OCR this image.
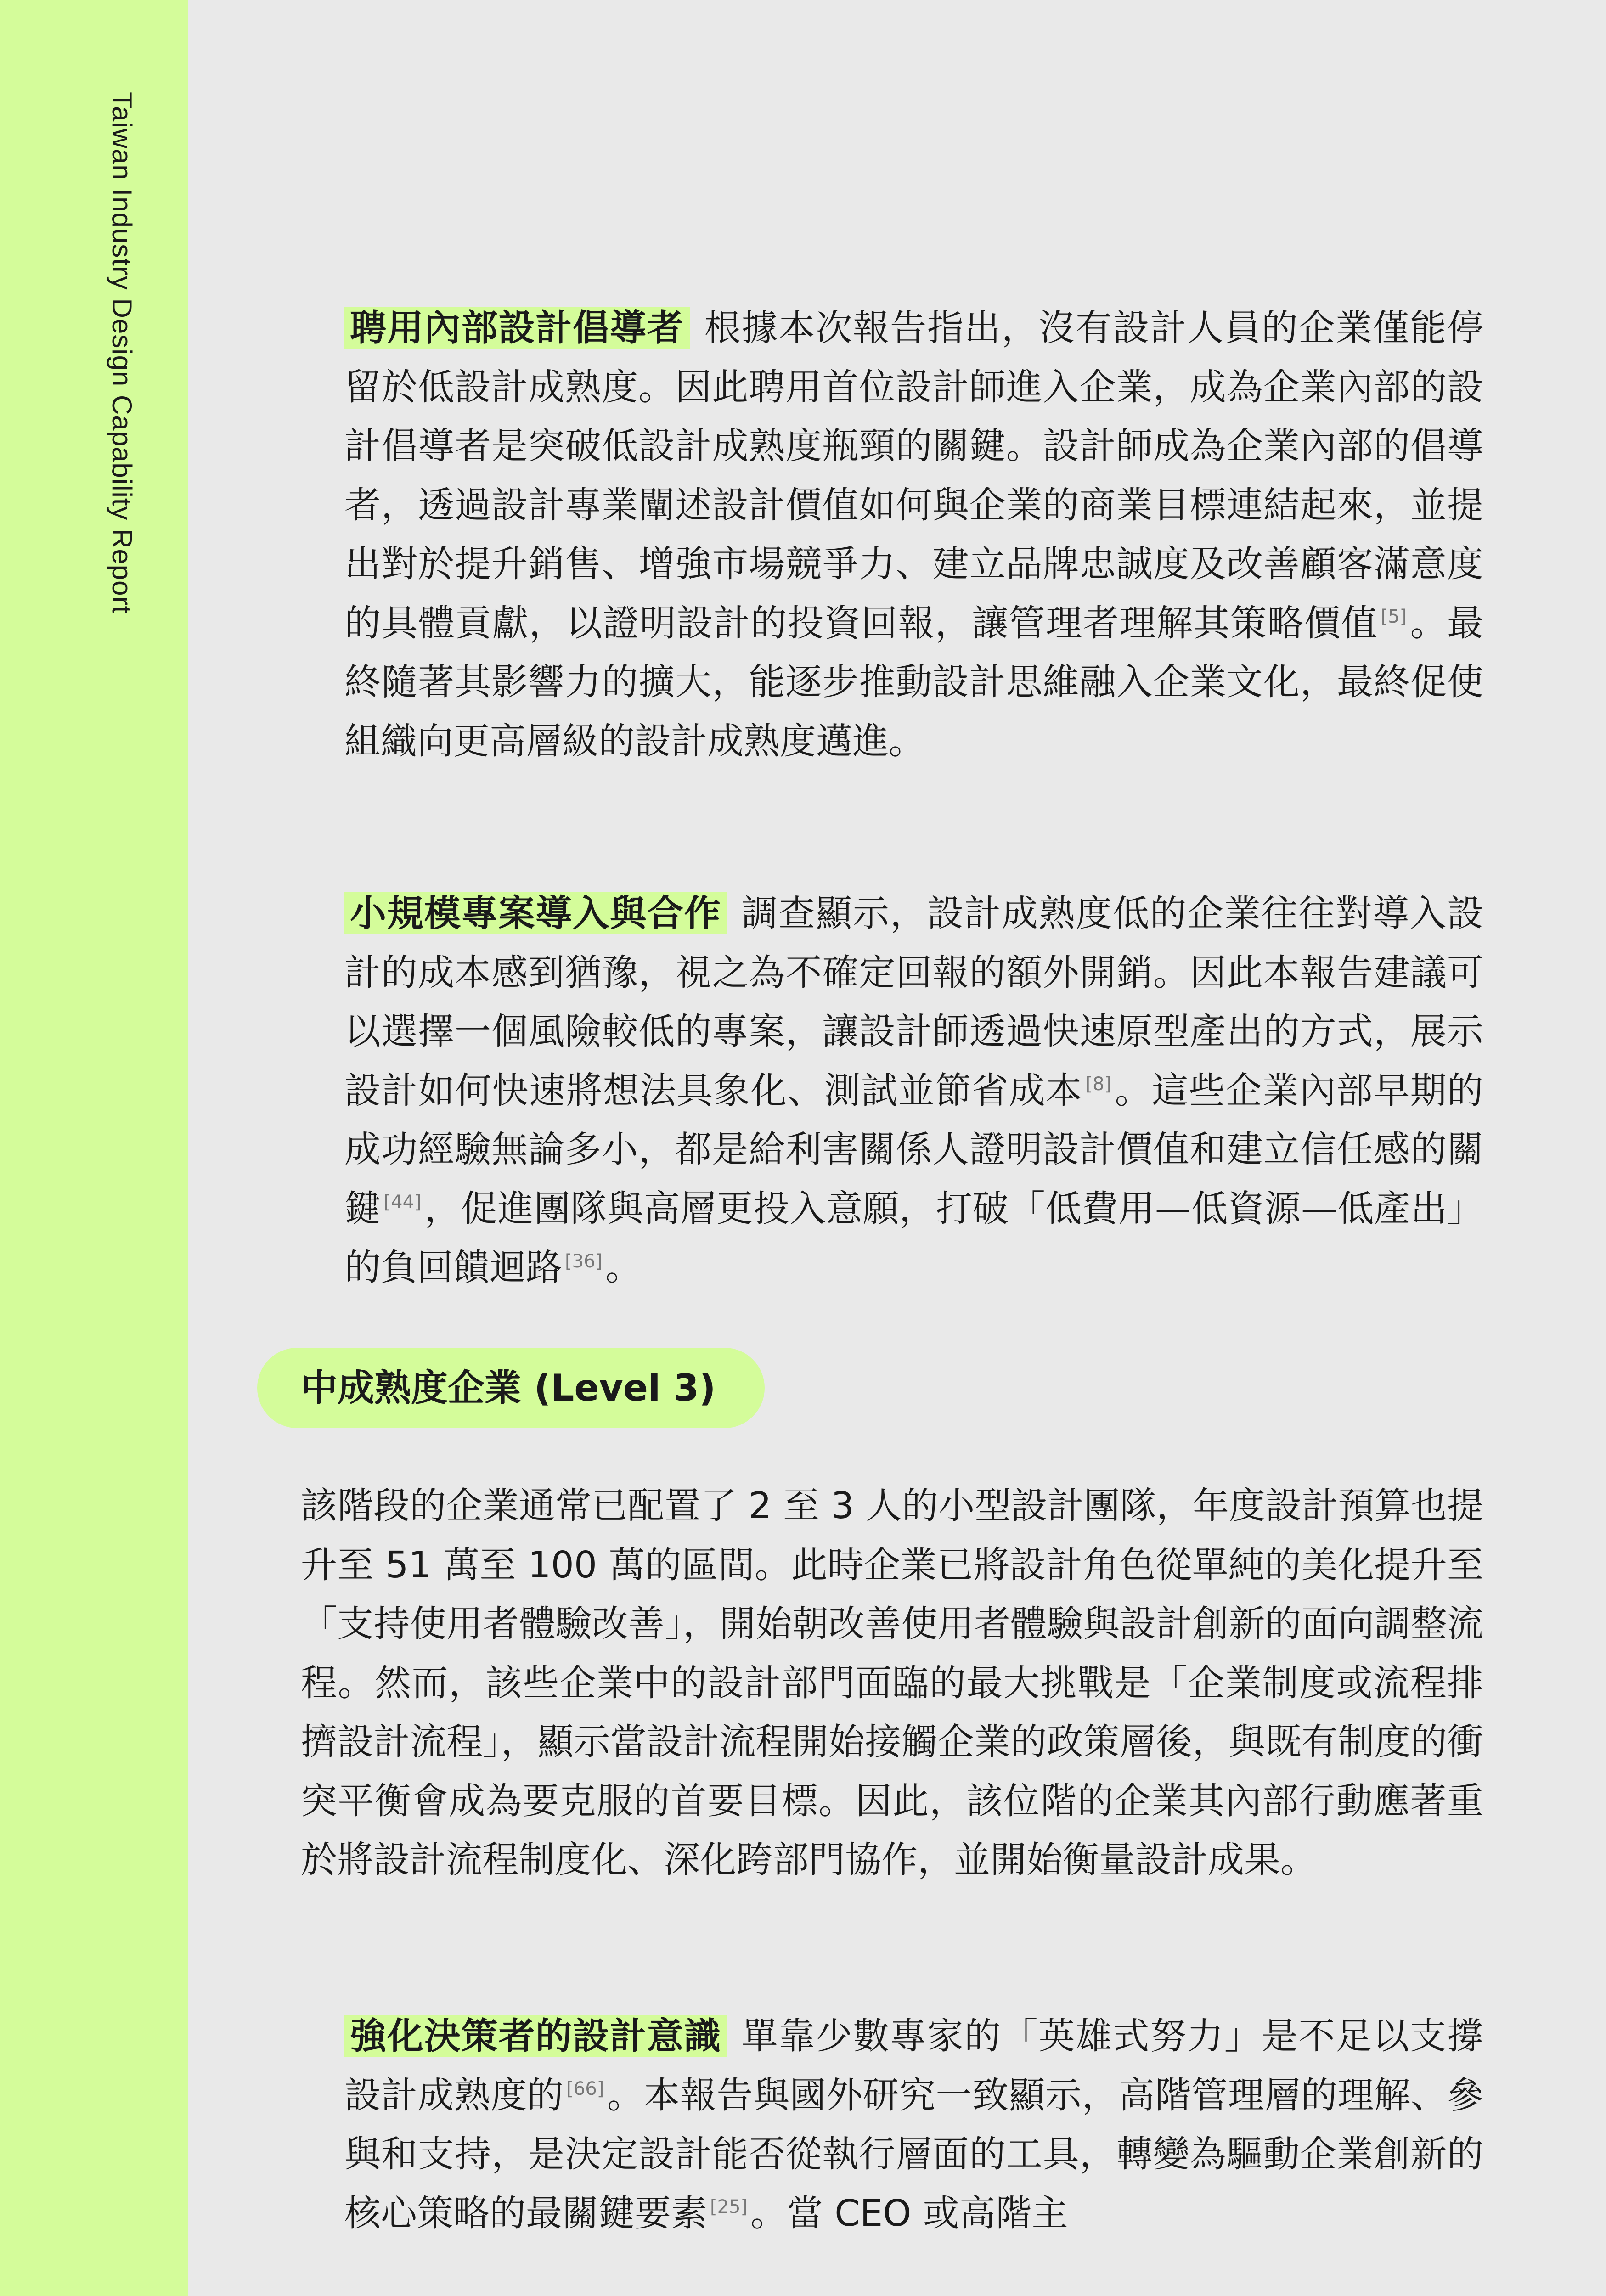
Taiwan Industry Design Capability Report	聘用內部設計倡導者 根據本次報告指出，沒有設計人員的企業僅能停留於低設計成熟度。因此聘用首位設計師進入企業，成為企業內部的設計倡導者是突破低設計成熟度瓶頸的關鍵。設計師成為企業內部的倡導者，透過設計專業闡述設計價值如何與企業的商業目標連結起來，並提出對於提升銷售、增強市場競爭力、建立品牌忠誠度及改善顧客滿意度的具體貢獻，以證明設計的投資回報，讓管理者理解其策略價值 [5]。最終隨著其影響力的擴大，能逐步推動設計思維融入企業文化，最終促使組織向更高層級的設計成熟度邁進。

小規模專案導入與合作 調查顯示，設計成熟度低的企業往往對導入設計的成本感到猶豫，視之為不確定回報的額外開銷。因此本報告建議可以選擇一個風險較低的專案，讓設計師透過快速原型產出的方式，展示設計如何快速將想法具象化、測試並節省成本 [8]。這些企業內部早期的成功經驗無論多小，都是給利害關係人證明設計價值和建立信任感的關鍵 [44]，促進團隊與高層更投入意願，打破「低費用—低資源—低產出」的負回饋迴路 [36]。

中成熟度企業 (Level 3)

該階段的企業通常已配置了 2 至 3 人的小型設計團隊，年度設計預算也提升至 51 萬至 100 萬的區間。此時企業已將設計角色從單純的美化提升至「支持使用者體驗改善」，開始朝改善使用者體驗與設計創新的面向調整流程。然而，該些企業中的設計部門面臨的最大挑戰是「企業制度或流程排擠設計流程」，顯示當設計流程開始接觸企業的政策層後，與既有制度的衝突平衡會成為要克服的首要目標。因此，該位階的企業其內部行動應著重於將設計流程制度化、深化跨部門協作，並開始衡量設計成果。

強化決策者的設計意識 單靠少數專家的「英雄式努力」是不足以支撐設計成熟度的 [66]。本報告與國外研究一致顯示，高階管理層的理解、參與和支持，是決定設計能否從執行層面的工具，轉變為驅動企業創新的核心策略的最關鍵要素 [25]。當 CEO 或高階主
